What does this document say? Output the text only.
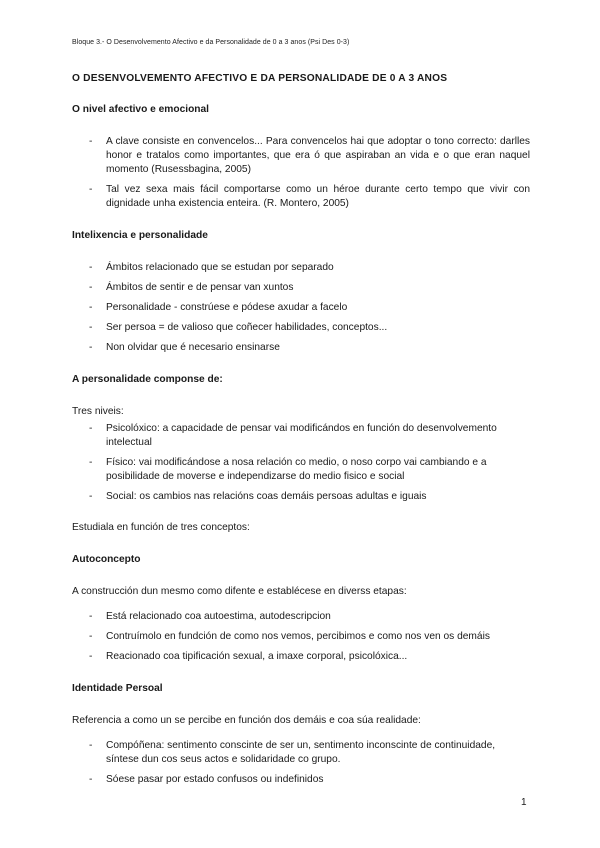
Bloque 3.- O Desenvolvemento Afectivo e da Personalidade de 0 a 3 anos (Psi Des 0-3)
O DESENVOLVEMENTO AFECTIVO E DA PERSONALIDADE DE 0 A 3 ANOS
O nivel afectivo e emocional
- A clave consiste en convencelos... Para convencelos hai que adoptar o tono correcto: darlles honor e tratalos como importantes, que era ó que aspiraban an vida e o que eran naquel momento (Rusessbagina, 2005)
- Tal vez sexa mais fácil comportarse como un héroe durante certo tempo que vivir con dignidade unha existencia enteira. (R. Montero, 2005)
Intelixencia e personalidade
- Ámbitos relacionado que se estudan por separado
- Ámbitos de sentir e de pensar van xuntos
- Personalidade - constrúese e pódese axudar a facelo
- Ser persoa = de valioso que coñecer habilidades, conceptos...
- Non olvidar que é necesario ensinarse
A personalidade componse de:
Tres niveis:
- Psicolóxico: a capacidade de pensar vai modificándos en función do desenvolvemento intelectual
- Físico: vai modificándose a nosa relación co medio, o noso corpo vai cambiando e a posibilidade de moverse e independizarse do medio fisico e social
- Social: os cambios nas relacións coas demáis persoas adultas e iguais
Estudiala en función de tres conceptos:
Autoconcepto
A construcción dun mesmo como difente e establécese en diverss etapas:
- Está relacionado coa autoestima, autodescripcion
- Contruímolo en fundción de como nos vemos, percibimos e como nos ven os demáis
- Reacionado coa tipificación sexual, a imaxe corporal, psicolóxica...
Identidade Persoal
Referencia a como un se percibe en función dos demáis e coa súa realidade:
- Compóñena: sentimento conscinte de ser un, sentimento inconscinte de continuidade, síntese dun cos seus actos e solidaridade co grupo.
- Sóese pasar por estado confusos ou indefinidos
1
